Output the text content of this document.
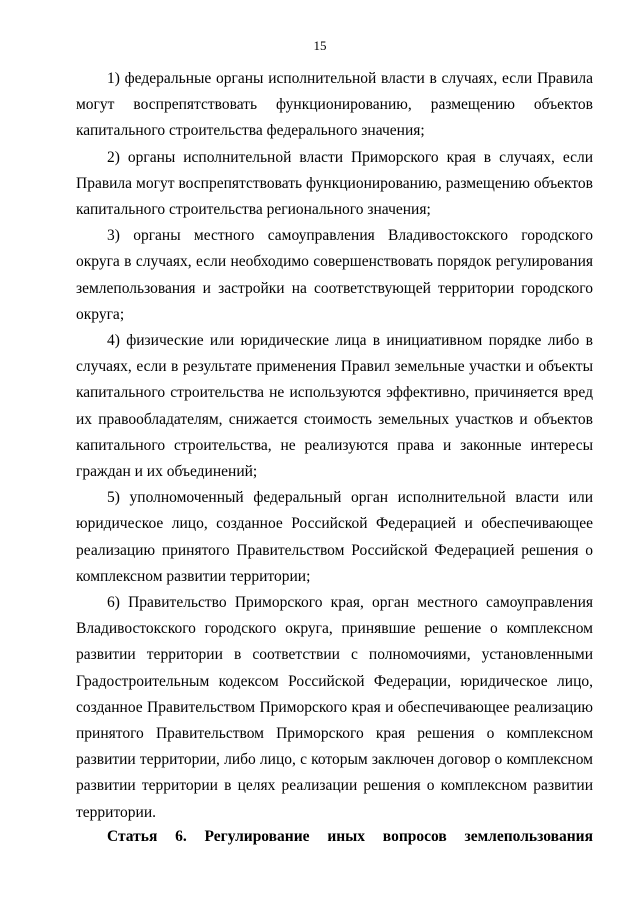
15

1) федеральные органы исполнительной власти в случаях, если Правила могут воспрепятствовать функционированию, размещению объектов капитального строительства федерального значения;

2) органы исполнительной власти Приморского края в случаях, если Правила могут воспрепятствовать функционированию, размещению объектов капитального строительства регионального значения;

3) органы местного самоуправления Владивостокского городского округа в случаях, если необходимо совершенствовать порядок регулирования землепользования и застройки на соответствующей территории городского округа;

4) физические или юридические лица в инициативном порядке либо в случаях, если в результате применения Правил земельные участки и объекты капитального строительства не используются эффективно, причиняется вред их правообладателям, снижается стоимость земельных участков и объектов капитального строительства, не реализуются права и законные интересы граждан и их объединений;

5) уполномоченный федеральный орган исполнительной власти или юридическое лицо, созданное Российской Федерацией и обеспечивающее реализацию принятого Правительством Российской Федерацией решения о комплексном развитии территории;

6) Правительство Приморского края, орган местного самоуправления Владивостокского городского округа, принявшие решение о комплексном развитии территории в соответствии с полномочиями, установленными Градостроительным кодексом Российской Федерации, юридическое лицо, созданное Правительством Приморского края и обеспечивающее реализацию принятого Правительством Приморского края решения о комплексном развитии территории, либо лицо, с которым заключен договор о комплексном развитии территории в целях реализации решения о комплексном развитии территории.

Статья 6. Регулирование иных вопросов землепользования
